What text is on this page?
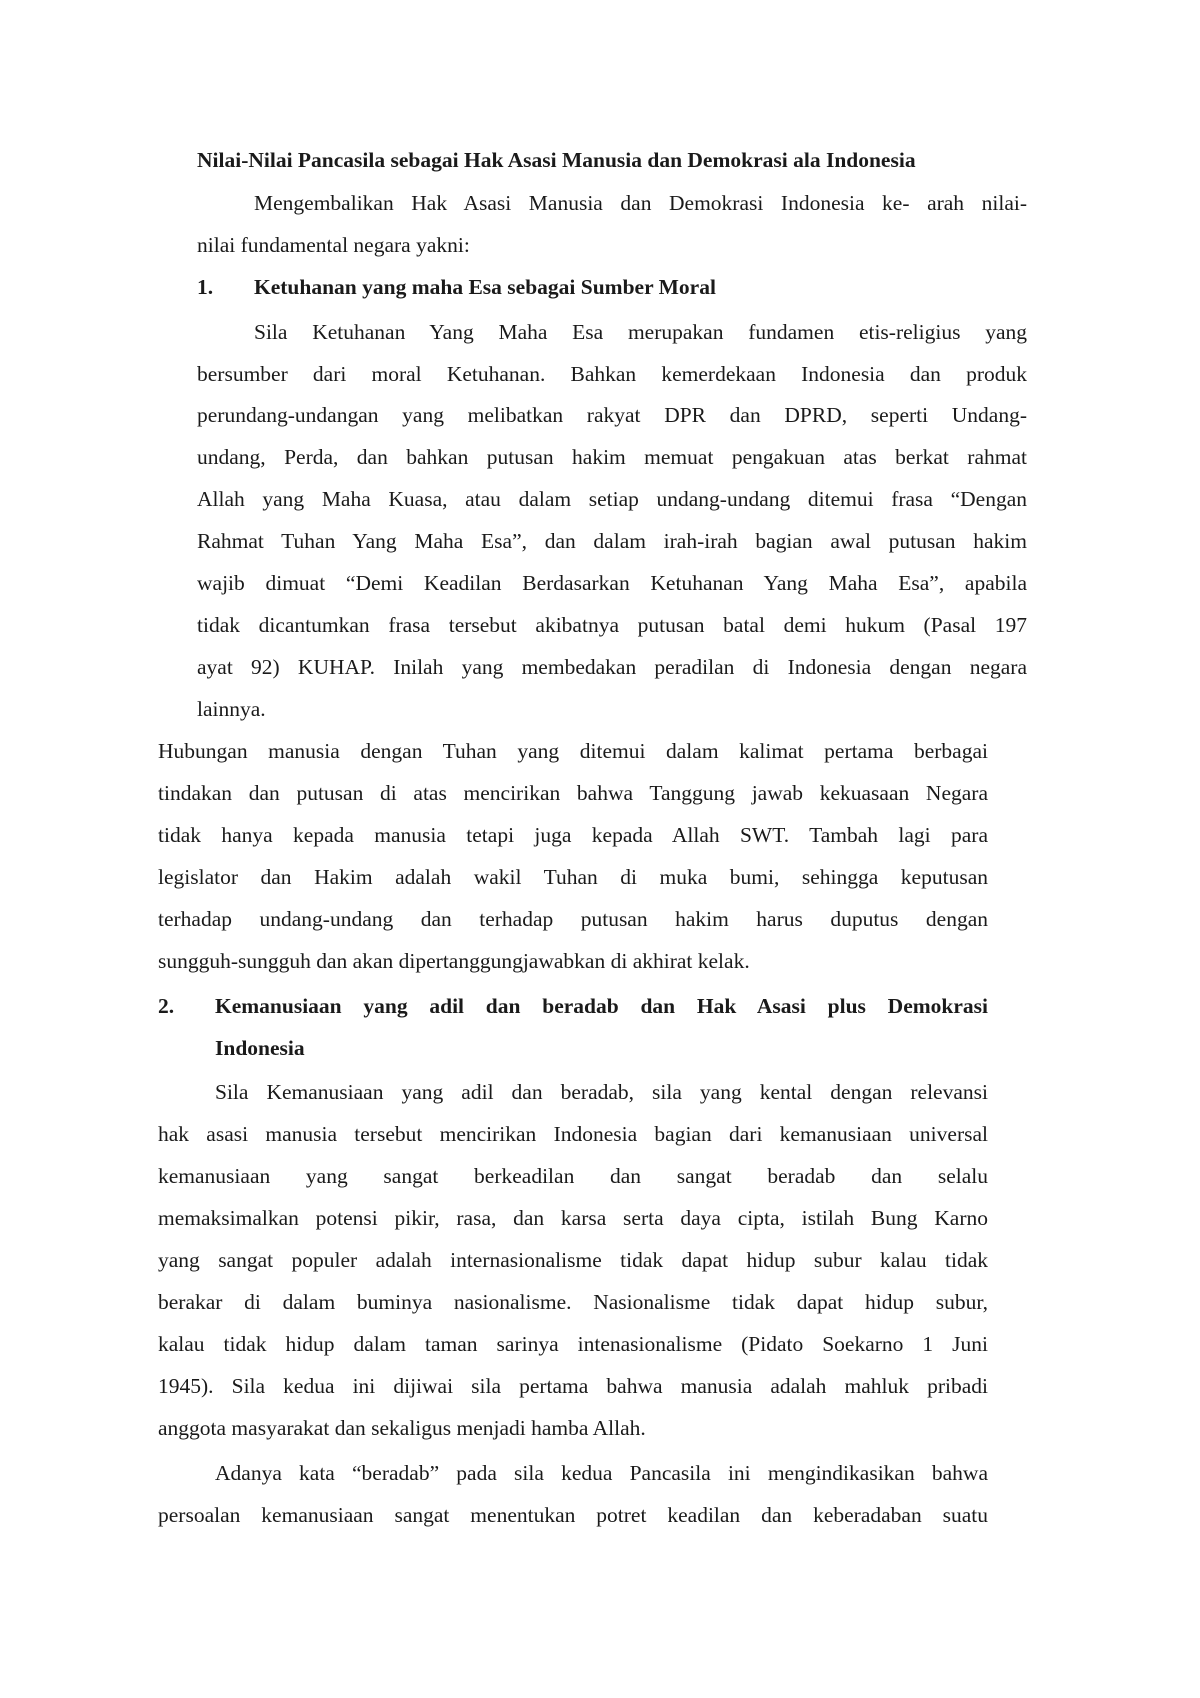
Nilai-Nilai Pancasila sebagai Hak Asasi Manusia dan Demokrasi ala Indonesia
Mengembalikan Hak Asasi Manusia dan Demokrasi Indonesia ke- arah nilai-
nilai fundamental negara yakni:
1. Ketuhanan yang maha Esa sebagai Sumber Moral
Sila Ketuhanan Yang Maha Esa merupakan fundamen etis-religius yang
bersumber dari moral Ketuhanan. Bahkan kemerdekaan Indonesia dan produk
perundang-undangan yang melibatkan rakyat DPR dan DPRD, seperti Undang-
undang, Perda, dan bahkan putusan hakim memuat pengakuan atas berkat rahmat
Allah yang Maha Kuasa, atau dalam setiap undang-undang ditemui frasa “Dengan
Rahmat Tuhan Yang Maha Esa”, dan dalam irah-irah bagian awal putusan hakim
wajib dimuat “Demi Keadilan Berdasarkan Ketuhanan Yang Maha Esa”, apabila
tidak dicantumkan frasa tersebut akibatnya putusan batal demi hukum (Pasal 197
ayat 92) KUHAP. Inilah yang membedakan peradilan di Indonesia dengan negara
lainnya.
Hubungan manusia dengan Tuhan yang ditemui dalam kalimat pertama berbagai
tindakan dan putusan di atas mencirikan bahwa Tanggung jawab kekuasaan Negara
tidak hanya kepada manusia tetapi juga kepada Allah SWT. Tambah lagi para
legislator dan Hakim adalah wakil Tuhan di muka bumi, sehingga keputusan
terhadap undang-undang dan terhadap putusan hakim harus duputus dengan
sungguh-sungguh dan akan dipertanggungjawabkan di akhirat kelak.
2. Kemanusiaan yang adil dan beradab dan Hak Asasi plus Demokrasi
Indonesia
Sila Kemanusiaan yang adil dan beradab, sila yang kental dengan relevansi
hak asasi manusia tersebut mencirikan Indonesia bagian dari kemanusiaan universal
kemanusiaan yang sangat berkeadilan dan sangat beradab dan selalu
memaksimalkan potensi pikir, rasa, dan karsa serta daya cipta, istilah Bung Karno
yang sangat populer adalah internasionalisme tidak dapat hidup subur kalau tidak
berakar di dalam buminya nasionalisme. Nasionalisme tidak dapat hidup subur,
kalau tidak hidup dalam taman sarinya intenasionalisme (Pidato Soekarno 1 Juni
1945). Sila kedua ini dijiwai sila pertama bahwa manusia adalah mahluk pribadi
anggota masyarakat dan sekaligus menjadi hamba Allah.
Adanya kata “beradab” pada sila kedua Pancasila ini mengindikasikan bahwa
persoalan kemanusiaan sangat menentukan potret keadilan dan keberadaban suatu
